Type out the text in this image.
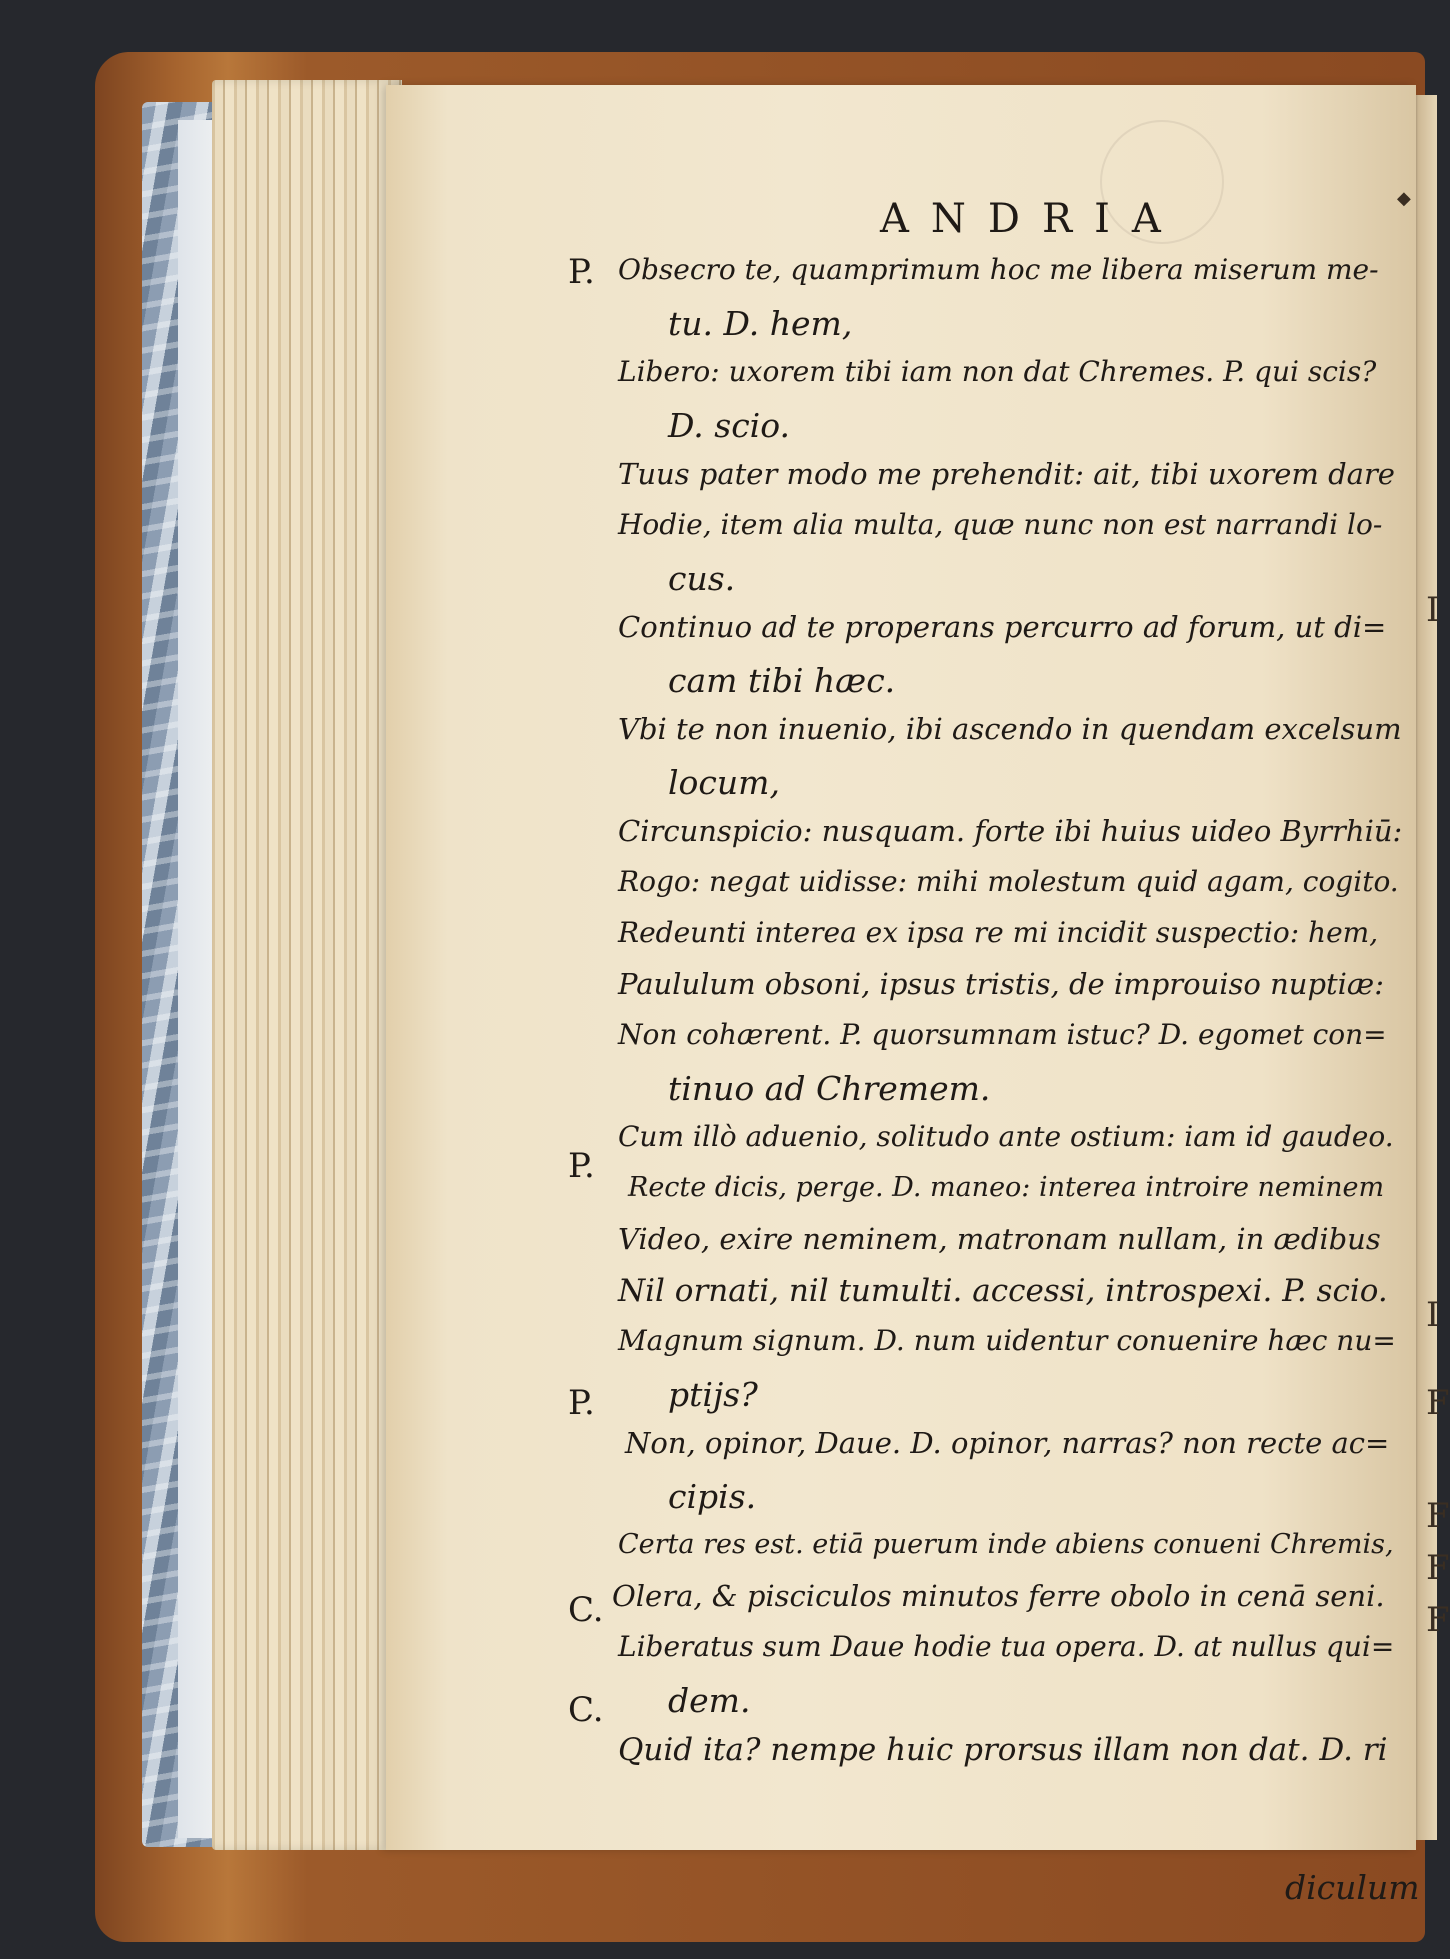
I
I
F
F
F
F
ANDRIA	◆
P.
P.
P.
C.
C.
Obsecro te, quamprimum hoc me libera miserum me-
tu. D. hem,
Libero: uxorem tibi iam non dat Chremes. P. qui scis?
D. scio.
Tuus pater modo me prehendit: ait, tibi uxorem dare
Hodie, item alia multa, quæ nunc non est narrandi lo-
cus.
Continuo ad te properans percurro ad forum, ut di=
cam tibi hæc.
Vbi te non inuenio, ibi ascendo in quendam excelsum
locum,
Circunspicio: nusquam. forte ibi huius uideo Byrrhiū:
Rogo: negat uidisse: mihi molestum quid agam, cogito.
Redeunti interea ex ipsa re mi incidit suspectio: hem,
Paululum obsoni, ipsus tristis, de improuiso nuptiæ:
Non cohærent. P. quorsumnam istuc? D. egomet con=
tinuo ad Chremem.
Cum illò aduenio, solitudo ante ostium: iam id gaudeo.
Recte dicis, perge. D. maneo: interea introire neminem
Video, exire neminem, matronam nullam, in ædibus
Nil ornati, nil tumulti. accessi, introspexi. P. scio.
Magnum signum. D. num uidentur conuenire hæc nu=
ptijs?
Non, opinor, Daue. D. opinor, narras? non recte ac=
cipis.
Certa res est. etiā puerum inde abiens conueni Chremis,
Olera, & pisciculos minutos ferre obolo in cenā seni.
Liberatus sum Daue hodie tua opera. D. at nullus qui=
dem.
Quid ita? nempe huic prorsus illam non dat. D. ri
diculum
